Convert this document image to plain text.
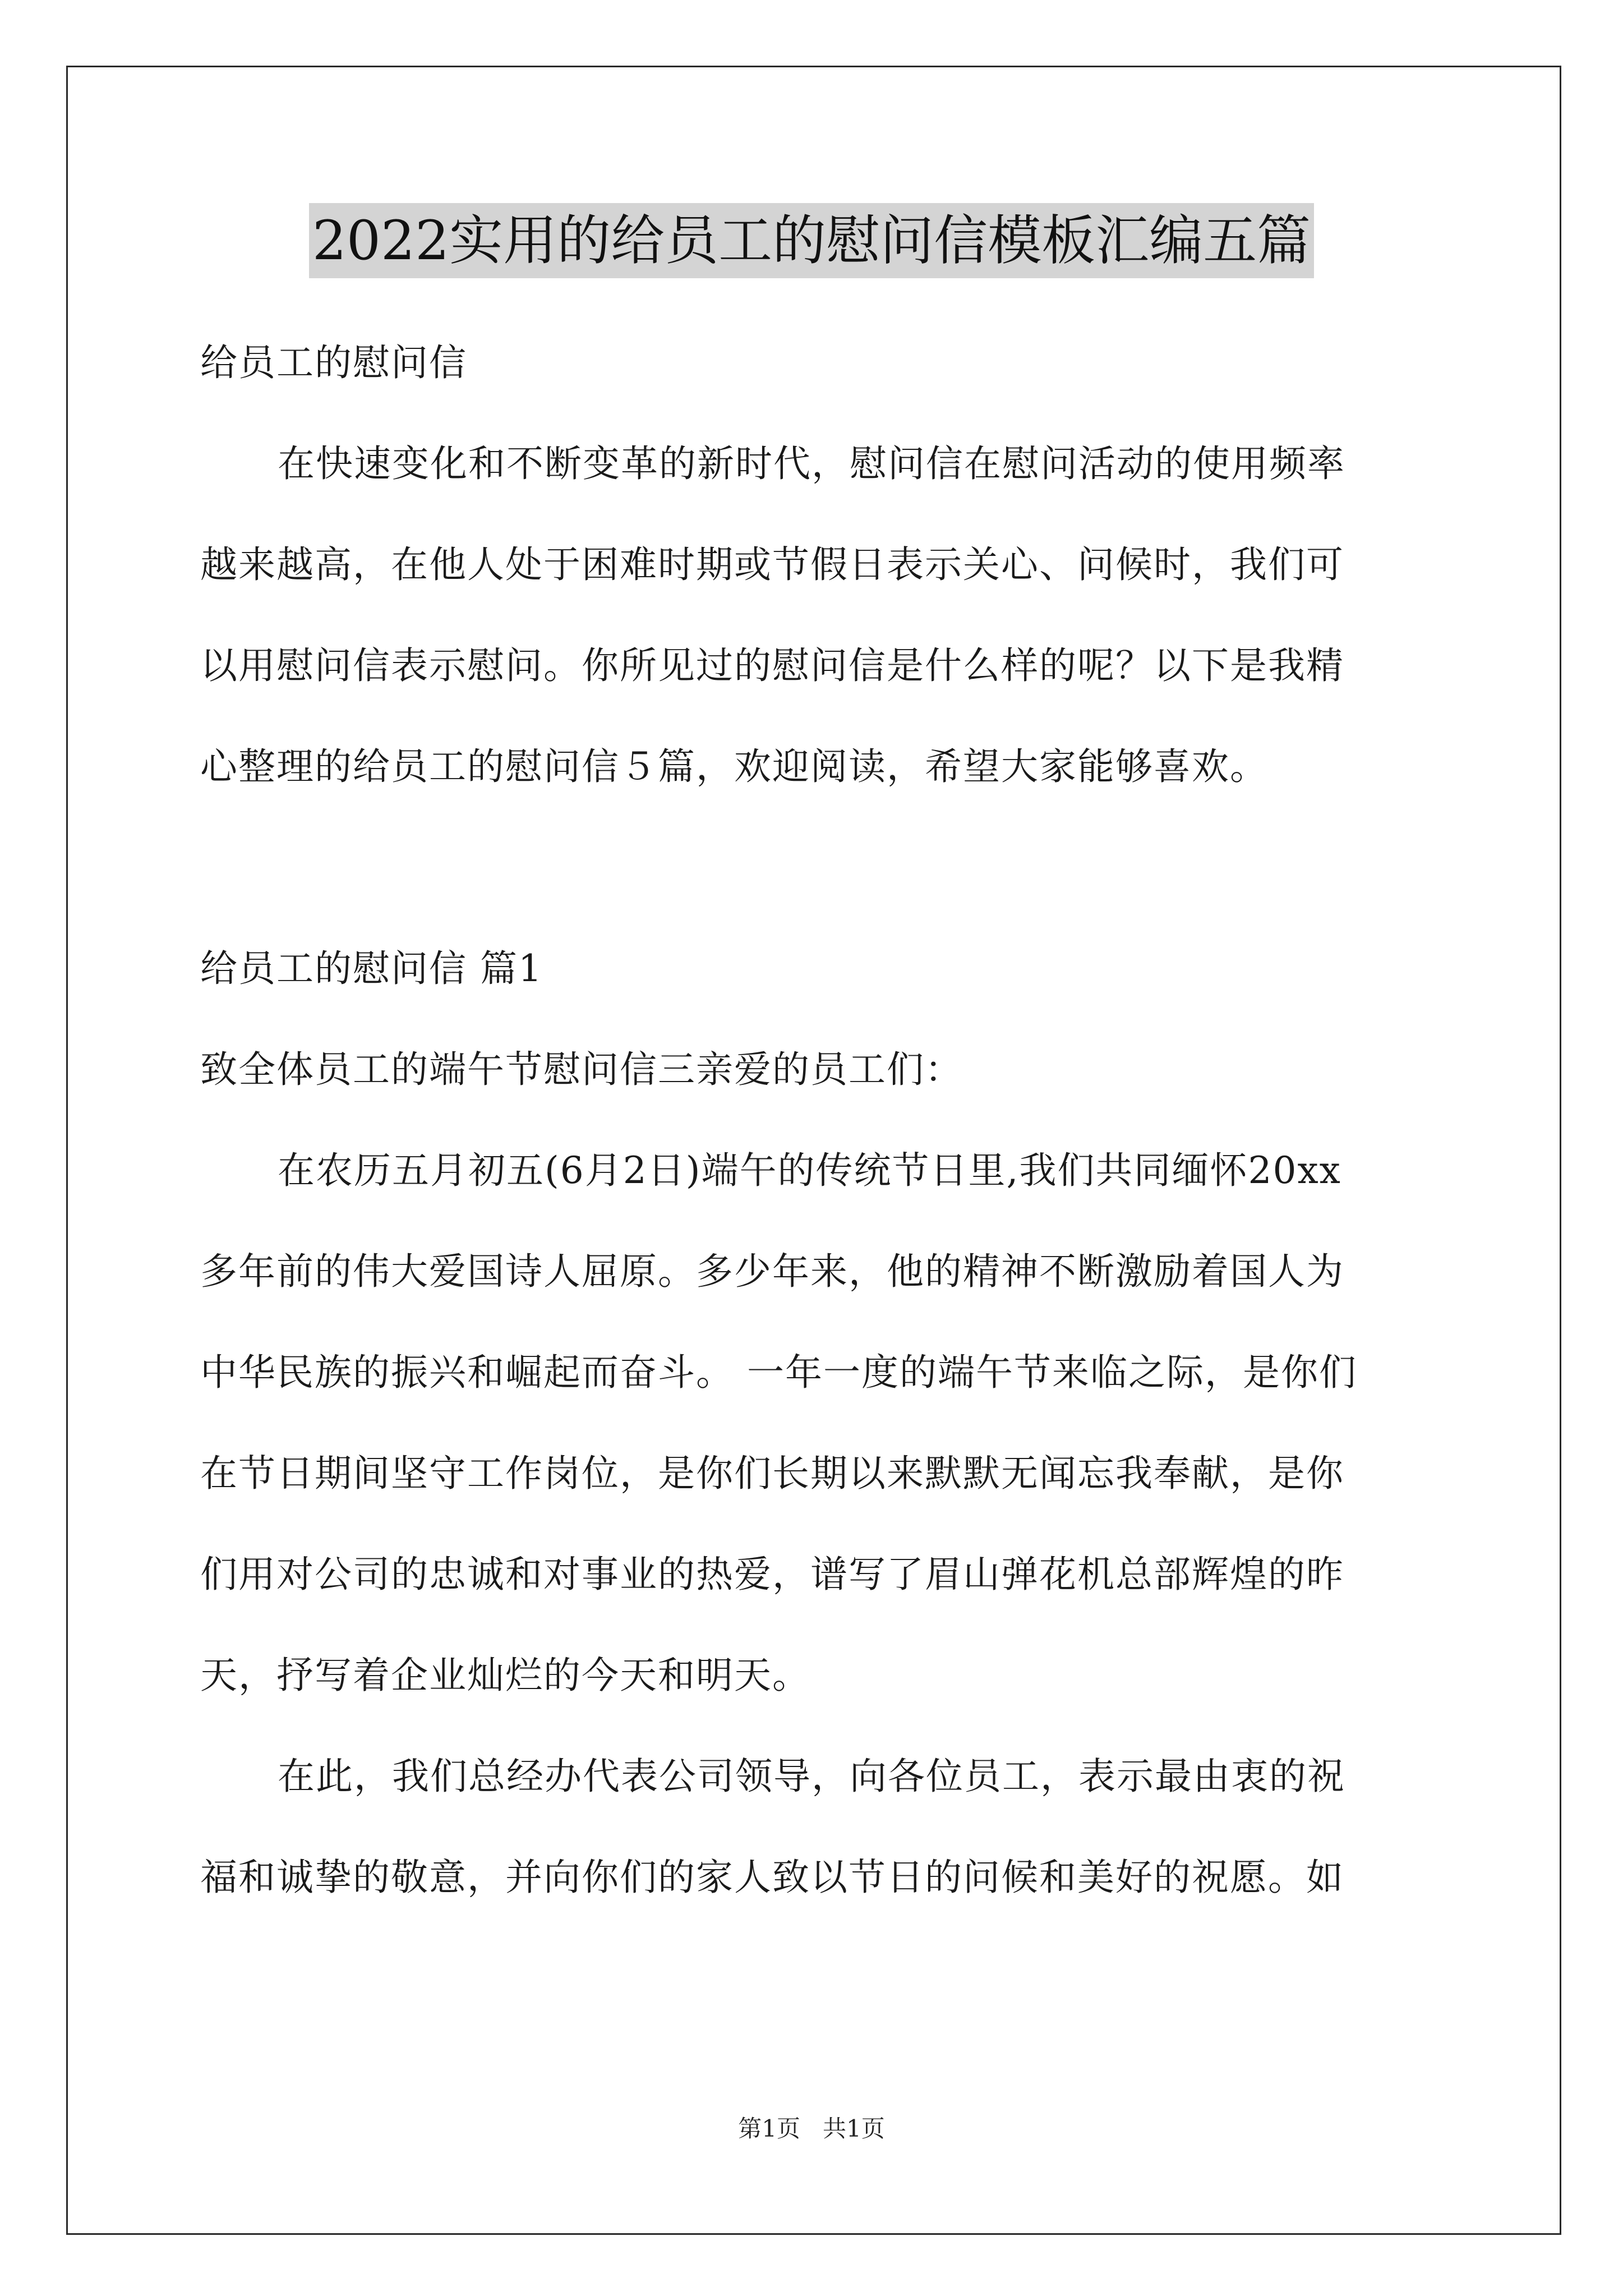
2022实用的给员工的慰问信模板汇编五篇
给员工的慰问信
在快速变化和不断变革的新时代，慰问信在慰问活动的使用频率
越来越高，在他人处于困难时期或节假日表示关心、问候时，我们可
以用慰问信表示慰问。你所见过的慰问信是什么样的呢？以下是我精
心整理的给员工的慰问信５篇，欢迎阅读，希望大家能够喜欢。
给员工的慰问信 篇1
致全体员工的端午节慰问信三亲爱的员工们：
在农历五月初五(6月2日)端午的传统节日里,我们共同缅怀20xx
多年前的伟大爱国诗人屈原。多少年来，他的精神不断激励着国人为
中华民族的振兴和崛起而奋斗。 一年一度的端午节来临之际，是你们
在节日期间坚守工作岗位，是你们长期以来默默无闻忘我奉献，是你
们用对公司的忠诚和对事业的热爱，谱写了眉山弹花机总部辉煌的昨
天，抒写着企业灿烂的今天和明天。
在此，我们总经办代表公司领导，向各位员工，表示最由衷的祝
福和诚挚的敬意，并向你们的家人致以节日的问候和美好的祝愿。如
第1页   共1页
